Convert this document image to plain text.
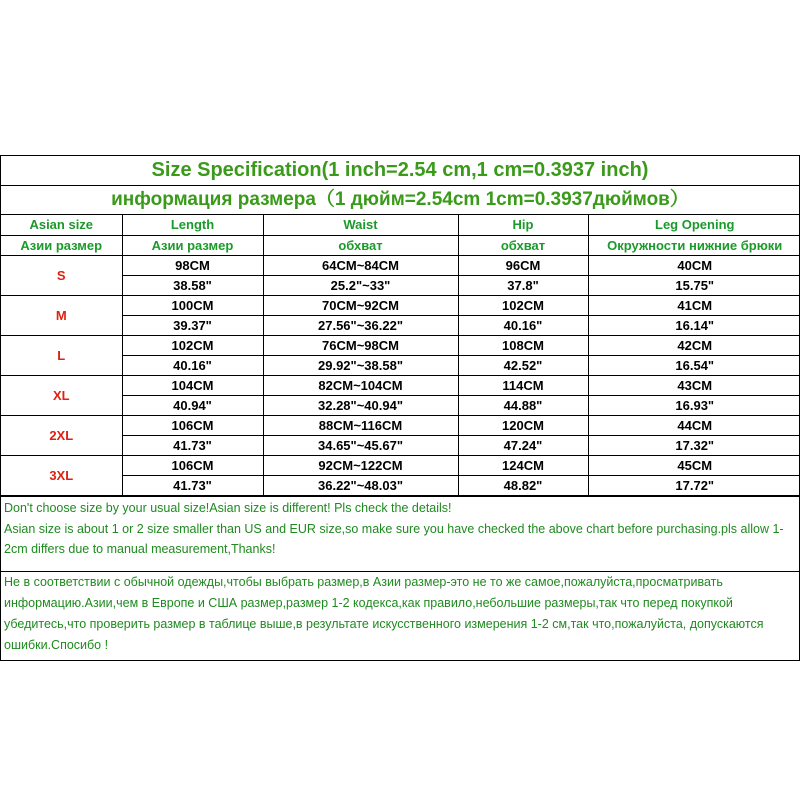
Size Specification(1 inch=2.54 cm,1 cm=0.3937 inch)
информация размера（1 дюйм=2.54cm 1cm=0.3937дюймов）
Asian size	Length	Waist	Hip	Leg Opening
Азии размер	Азии размер	обхват	обхват	Окружности нижние брюки
S	98CM	64CM~84CM	96CM	40CM
	38.58"	25.2"~33"	37.8"	15.75"
M	100CM	70CM~92CM	102CM	41CM
	39.37"	27.56"~36.22"	40.16"	16.14"
L	102CM	76CM~98CM	108CM	42CM
	40.16"	29.92"~38.58"	42.52"	16.54"
XL	104CM	82CM~104CM	114CM	43CM
	40.94"	32.28"~40.94"	44.88"	16.93"
2XL	106CM	88CM~116CM	120CM	44CM
	41.73"	34.65"~45.67"	47.24"	17.32"
3XL	106CM	92CM~122CM	124CM	45CM
	41.73"	36.22"~48.03"	48.82"	17.72"
Don't choose size by your usual size!Asian size is different! Pls check the details!
Asian size is about 1 or 2 size smaller than US and EUR size,so make sure you have checked the above chart before purchasing.pls allow 1-2cm differs due to manual measurement,Thanks!
Не в соответствии с обычной одежды,чтобы выбрать размер,в Азии размер-это не то же самое,пожалуйста,просматривать информацию.Азии,чем в Европе и США размер,размер 1-2 кодекса,как правило,небольшие размеры,так что перед покупкой убедитесь,что проверить размер в таблице выше,в результате искусственного измерения 1-2 см,так что,пожалуйста, допускаются ошибки.Спосибо !
